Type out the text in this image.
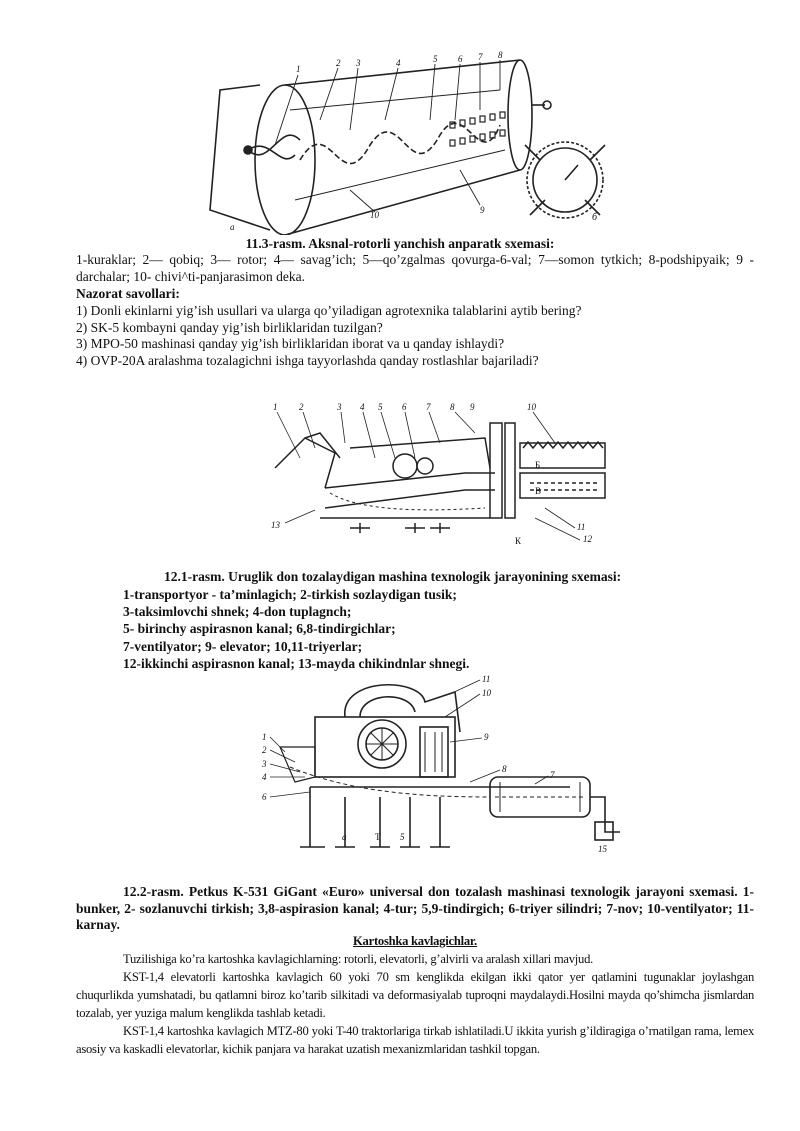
1
2 3	4	5 6 7 8
9
10	б
a
11.3-rasm. Aksnal-rotorli yanchish anparatk sxemasi:
1-kuraklar; 2— qobiq; 3— rotor; 4— savag’ich; 5—qo’zgalmas qovurga-6-val; 7—somon tytkich; 8-podshipyaik; 9 - darchalar; 10- chivi^ti-panjarasimon deka.
Nazorat savollari:
1) Donli ekinlarni yig’ish usullari va ularga qo’yiladigan agrotexnika talablarini aytib bering?
2) SK-5 kombayni qanday yig’ish birliklaridan tuzilgan?
3) MPO-50 mashinasi qanday yig’ish birliklaridan iborat va u qanday ishlaydi?
4) OVP-20A aralashma tozalagichni ishga tayyorlashda qanday rostlashlar bajariladi?
1 2	3 4 5 6 7 8 9	10
11
12
13
Б
В
К
12.1-rasm. Uruglik don tozalaydigan mashina texnologik jarayonining sxemasi:
1-transportyor - ta’minlagich; 2-tirkish sozlaydigan tusik;
3-taksimlovchi shnek; 4-don tuplagnch;
5- birinchy aspirasnon kanal; 6,8-tindirgichlar;
7-ventilyator; 9- elevator; 10,11-triyerlar;
12-ikkinchi aspirasnon kanal; 13-mayda chikindnlar shnegi.
11
10
9
8
7
1
2
3
4
6
5
a	T
15
12.2-rasm. Petkus K-531 GiGant «Euro» universal don tozalash mashinasi texnologik jarayoni sxemasi. 1-bunker, 2- sozlanuvchi tirkish; 3,8-aspirasion kanal; 4-tur; 5,9-tindirgich; 6-triyer silindri; 7-nov; 10-ventilyator; 11-karnay.
Kartoshka kavlagichlar.
Tuzilishiga ko’ra kartoshka kavlagichlarning: rotorli, elevatorli, g’alvirli va aralash xillari mavjud.
KST-1,4 elevatorli kartoshka kavlagich 60 yoki 70 sm kenglikda ekilgan ikki qator yer qatlamini tugunaklar joylashgan chuqurlikda yumshatadi, bu qatlamni biroz ko’tarib silkitadi va deformasiyalab tuproqni maydalaydi.Hosilni mayda qo’shimcha jismlardan tozalab, yer yuziga malum kenglikda tashlab ketadi.
KST-1,4 kartoshka kavlagich MTZ-80 yoki T-40 traktorlariga tirkab ishlatiladi.U ikkita yurish g’ildiragiga o’rnatilgan rama, lemex asosiy va kaskadli elevatorlar, kichik panjara va harakat uzatish mexanizmlaridan tashkil topgan.
